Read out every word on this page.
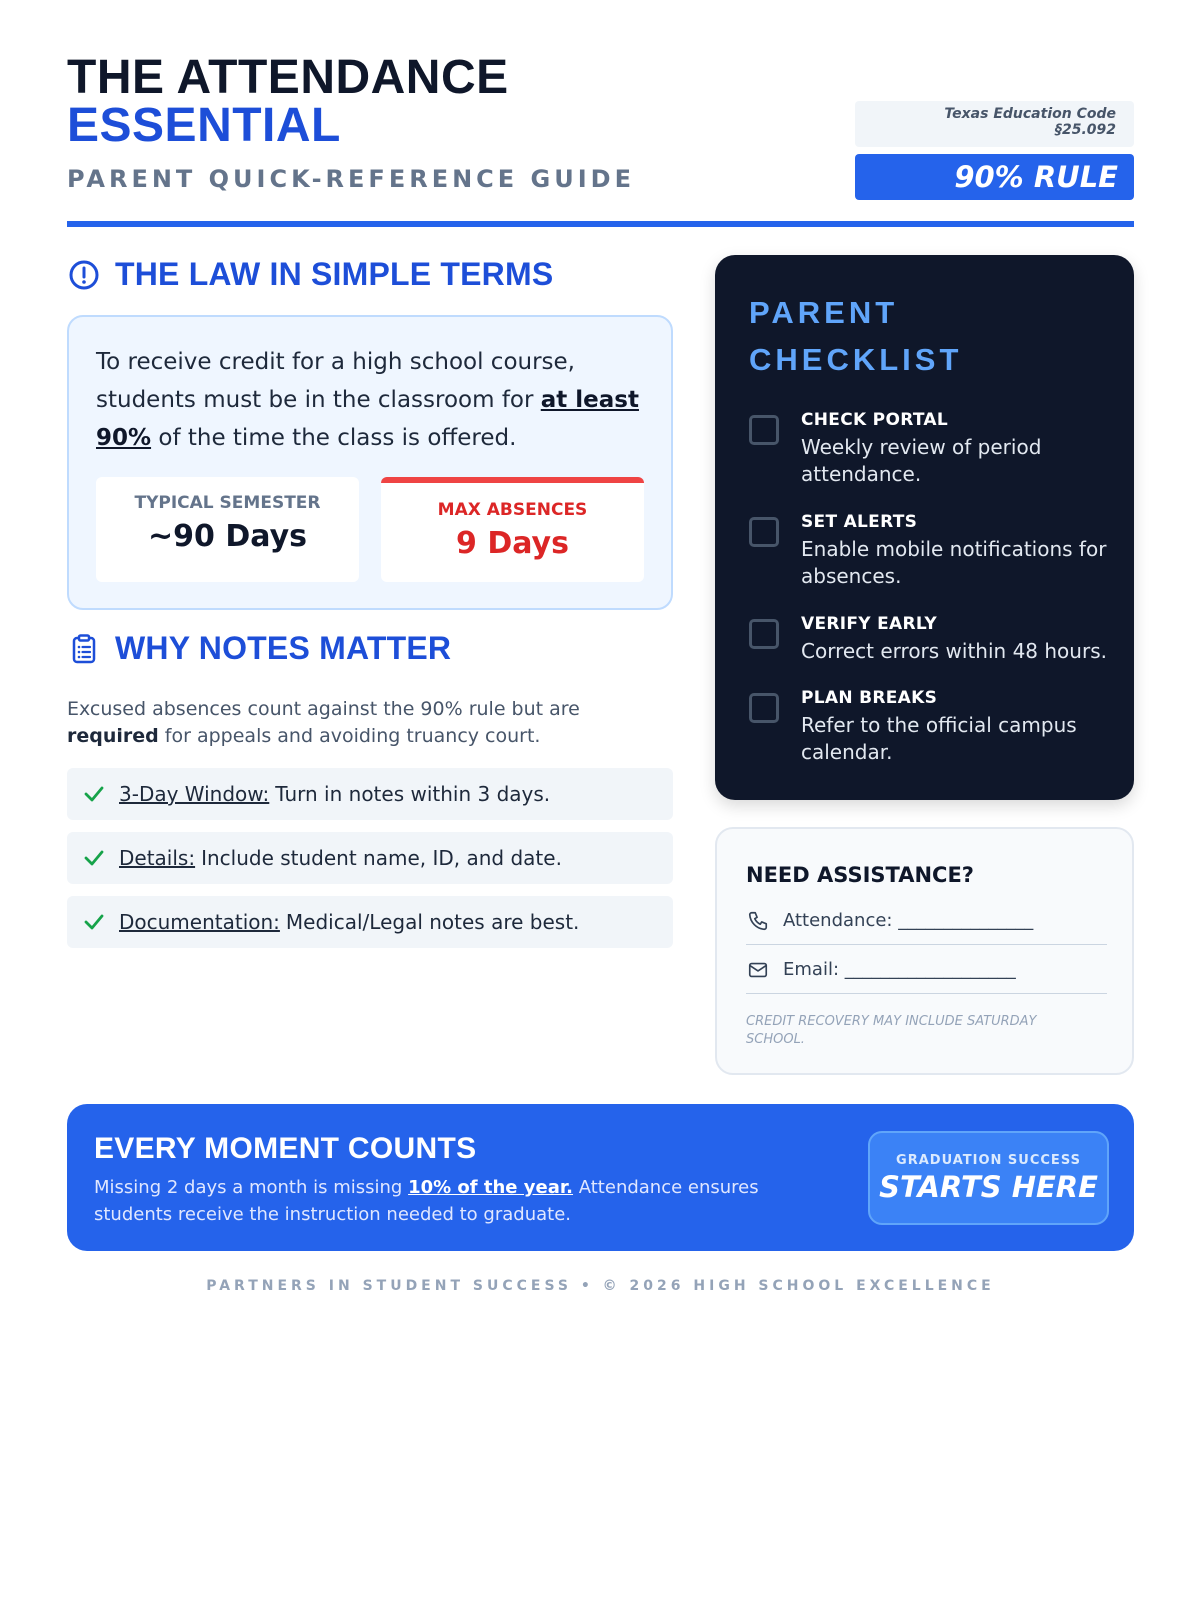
THE ATTENDANCE
ESSENTIAL
PARENT QUICK-REFERENCE GUIDE
Texas Education Code
§25.092
90% RULE
THE LAW IN SIMPLE TERMS
To receive credit for a high school course, students must be in the classroom for at least 90% of the time the class is offered.
TYPICAL SEMESTER
~90 Days
MAX ABSENCES
9 Days
WHY NOTES MATTER
Excused absences count against the 90% rule but are required for appeals and avoiding truancy court.
3-Day Window: Turn in notes within 3 days.
Details: Include student name, ID, and date.
Documentation: Medical/Legal notes are best.
PARENT CHECKLIST
CHECK PORTAL
Weekly review of period attendance.
SET ALERTS
Enable mobile notifications for absences.
VERIFY EARLY
Correct errors within 48 hours.
PLAN BREAKS
Refer to the official campus calendar.
NEED ASSISTANCE?
Attendance: _______________
Email: ___________________
CREDIT RECOVERY MAY INCLUDE SATURDAY SCHOOL.
EVERY MOMENT COUNTS

Missing 2 days a month is missing 10% of the year. Attendance ensures students receive the instruction needed to graduate.

GRADUATION SUCCESS
STARTS HERE
PARTNERS IN STUDENT SUCCESS • © 2026 HIGH SCHOOL EXCELLENCE
